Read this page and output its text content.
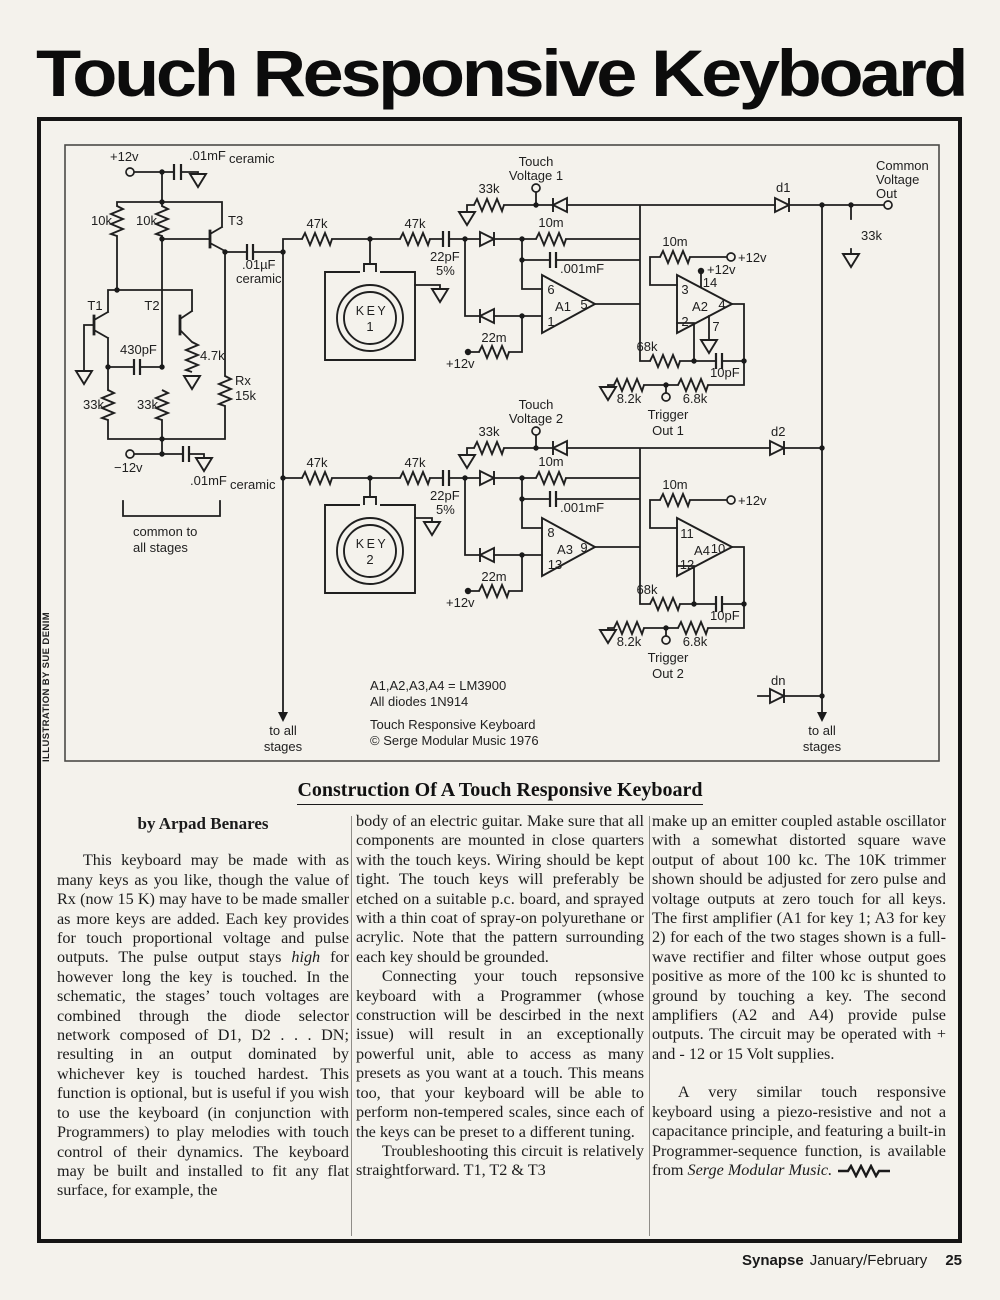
Touch Responsive Keyboard
ILLUSTRATION BY SUE DENIM
+12v	.01mF ceramic
10k 10k	T3
T1	T2
430pF	4.7k
Rx
15k
33k	33k
.01µF
ceramic
−12v
.01mF ceramic
common to
all stages
KEY
1
KEY
2
47k	47k
47k	47k
22pF
5%
22pF
5%
Touch
Voltage 1
Touch
Voltage 2
33k
33k
10m
10m
10m
10m
.001mF
.001mF
22m
22m
+12v
+12v
+12v
+12v
+12v
A1
6
1
5	A2
3
2
14
4
7
A3
8
13
9	A4
11
12
10
68k
68k
10pF
10pF
8.2k
8.2k
6.8k
6.8k
Trigger
Out 1
Trigger
Out 2
d1
d2
dn
Common
Voltage
Out
33k
to all
stages
to all
stages
A1,A2,A3,A4 = LM3900
All diodes 1N914
Touch Responsive Keyboard
© Serge Modular Music 1976
Construction Of A Touch Responsive Keyboard
by Arpad Benares

This keyboard may be made with as many keys as you like, though the value of Rx (now 15 K) may have to be made smaller as more keys are added. Each key provides for touch proportional voltage and pulse outputs. The pulse output stays high for however long the key is touched. In the schematic, the stages’ touch voltages are combined through the diode selector network composed of D1, D2 . . . DN; resulting in an output dominated by whichever key is touched hardest. This function is optional, but is useful if you wish to use the keyboard (in conjunction with Programmers) to play melodies with touch control of their dynamics. The keyboard may be built and installed to fit any flat surface, for example, the

body of an electric guitar. Make sure that all components are mounted in close quarters with the touch keys. Wiring should be kept tight. The touch keys will preferably be etched on a suitable p.c. board, and sprayed with a thin coat of spray-on polyurethane or acrylic. Note that the pattern surrounding each key should be grounded.

Connecting your touch repsonsive keyboard with a Programmer (whose construction will be descirbed in the next issue) will result in an exceptionally powerful unit, able to access as many presets as you want at a touch. This means too, that your keyboard will be able to perform non-tempered scales, since each of the keys can be preset to a different tuning.

Troubleshooting this circuit is relatively straightforward. T1, T2 & T3

make up an emitter coupled astable oscillator with a somewhat distorted square wave output of about 100 kc. The 10K trimmer shown should be adjusted for zero pulse and voltage outputs at zero touch for all keys. The first amplifier (A1 for key 1; A3 for key 2) for each of the two stages shown is a full-wave rectifier and filter whose output goes positive as more of the 100 kc is shunted to ground by touching a key. The second amplifiers (A2 and A4) provide pulse outputs. The circuit may be operated with + and - 12 or 15 Volt supplies.

A very similar touch responsive keyboard using a piezo-resistive and not a capacitance principle, and featuring a built-in Programmer-sequence function, is available from Serge Modular Music.

Synapse January/February 25
